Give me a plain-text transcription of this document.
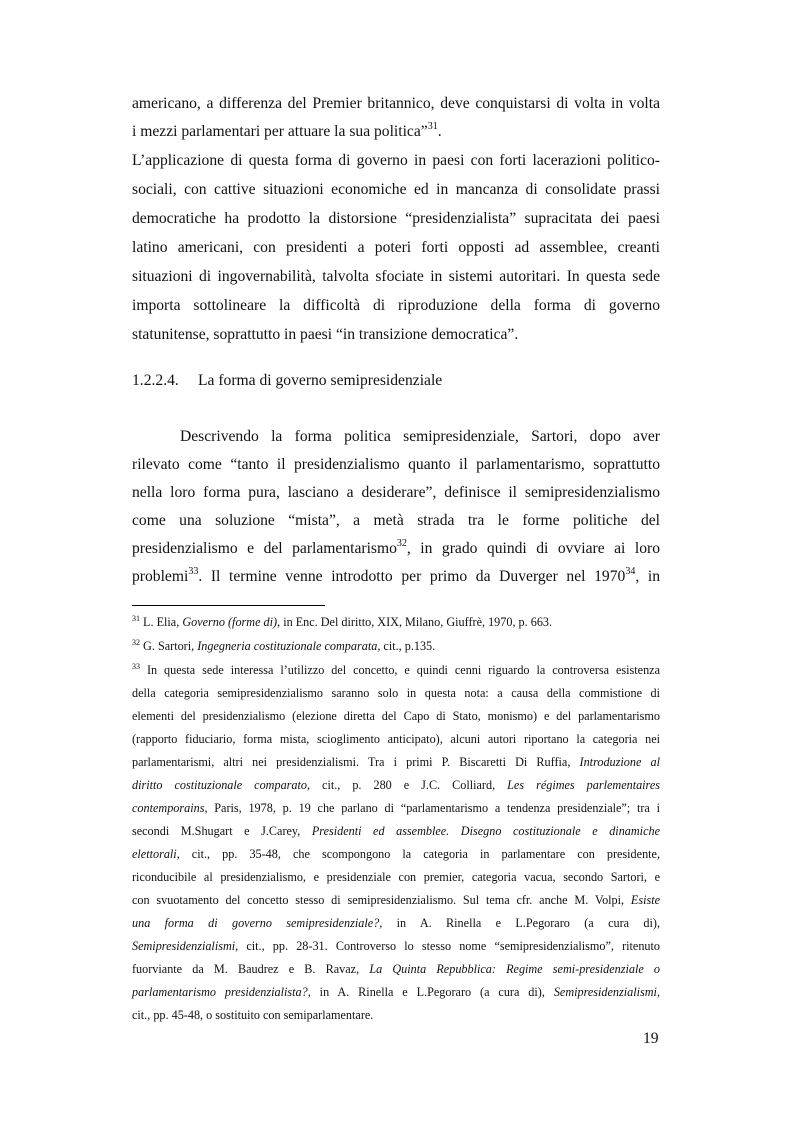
americano, a differenza del Premier britannico, deve conquistarsi di volta in volta
i mezzi parlamentari per attuare la sua politica”$^{31}$.
L’applicazione di questa forma di governo in paesi con forti lacerazioni politico-
sociali, con cattive situazioni economiche ed in mancanza di consolidate prassi
democratiche ha prodotto la distorsione “presidenzialista” supracitata dei paesi
latino americani, con presidenti a poteri forti opposti ad assemblee, creanti
situazioni di ingovernabilità, talvolta sfociate in sistemi autoritari. In questa sede
importa sottolineare la difficoltà di riproduzione della forma di governo
statunitense, soprattutto in paesi “in transizione democratica”.
1.2.2.4. La forma di governo semipresidenziale
Descrivendo la forma politica semipresidenziale, Sartori, dopo aver
rilevato come “tanto il presidenzialismo quanto il parlamentarismo, soprattutto
nella loro forma pura, lasciano a desiderare”, definisce il semipresidenzialismo
come una soluzione “mista”, a metà strada tra le forme politiche del
presidenzialismo e del parlamentarismo$^{32}$, in grado quindi di ovviare ai loro
problemi$^{33}$. Il termine venne introdotto per primo da Duverger nel 1970$^{34}$, in
$^{31}$ L. Elia, Governo (forme di), in Enc. Del diritto, XIX, Milano, Giuffrè, 1970, p. 663.
$^{32}$ G. Sartori, Ingegneria costituzionale comparata, cit., p.135.
$^{33}$ In questa sede interessa l’utilizzo del concetto, e quindi cenni riguardo la controversa esistenza
della categoria semipresidenzialismo saranno solo in questa nota: a causa della commistione di
elementi del presidenzialismo (elezione diretta del Capo di Stato, monismo) e del parlamentarismo
(rapporto fiduciario, forma mista, scioglimento anticipato), alcuni autori riportano la categoria nei
parlamentarismi, altri nei presidenzialismi. Tra i primi P. Biscaretti Di Ruffia, Introduzione al
diritto costituzionale comparato, cit., p. 280 e J.C. Colliard, Les régimes parlementaires
contemporains, Paris, 1978, p. 19 che parlano di “parlamentarismo a tendenza presidenziale”; tra i
secondi M.Shugart e J.Carey, Presidenti ed assemblee. Disegno costituzionale e dinamiche
elettorali, cit., pp. 35-48, che scompongono la categoria in parlamentare con presidente,
riconducibile al presidenzialismo, e presidenziale con premier, categoria vacua, secondo Sartori, e
con svuotamento del concetto stesso di semipresidenzialismo. Sul tema cfr. anche M. Volpi, Esiste
una forma di governo semipresidenziale?, in A. Rinella e L.Pegoraro (a cura di),
Semipresidenzialismi, cit., pp. 28-31. Controverso lo stesso nome “semipresidenzialismo”, ritenuto
fuorviante da M. Baudrez e B. Ravaz, La Quinta Repubblica: Regime semi-presidenziale o
parlamentarismo presidenzialista?, in A. Rinella e L.Pegoraro (a cura di), Semipresidenzialismi,
cit., pp. 45-48, o sostituito con semiparlamentare.
19
